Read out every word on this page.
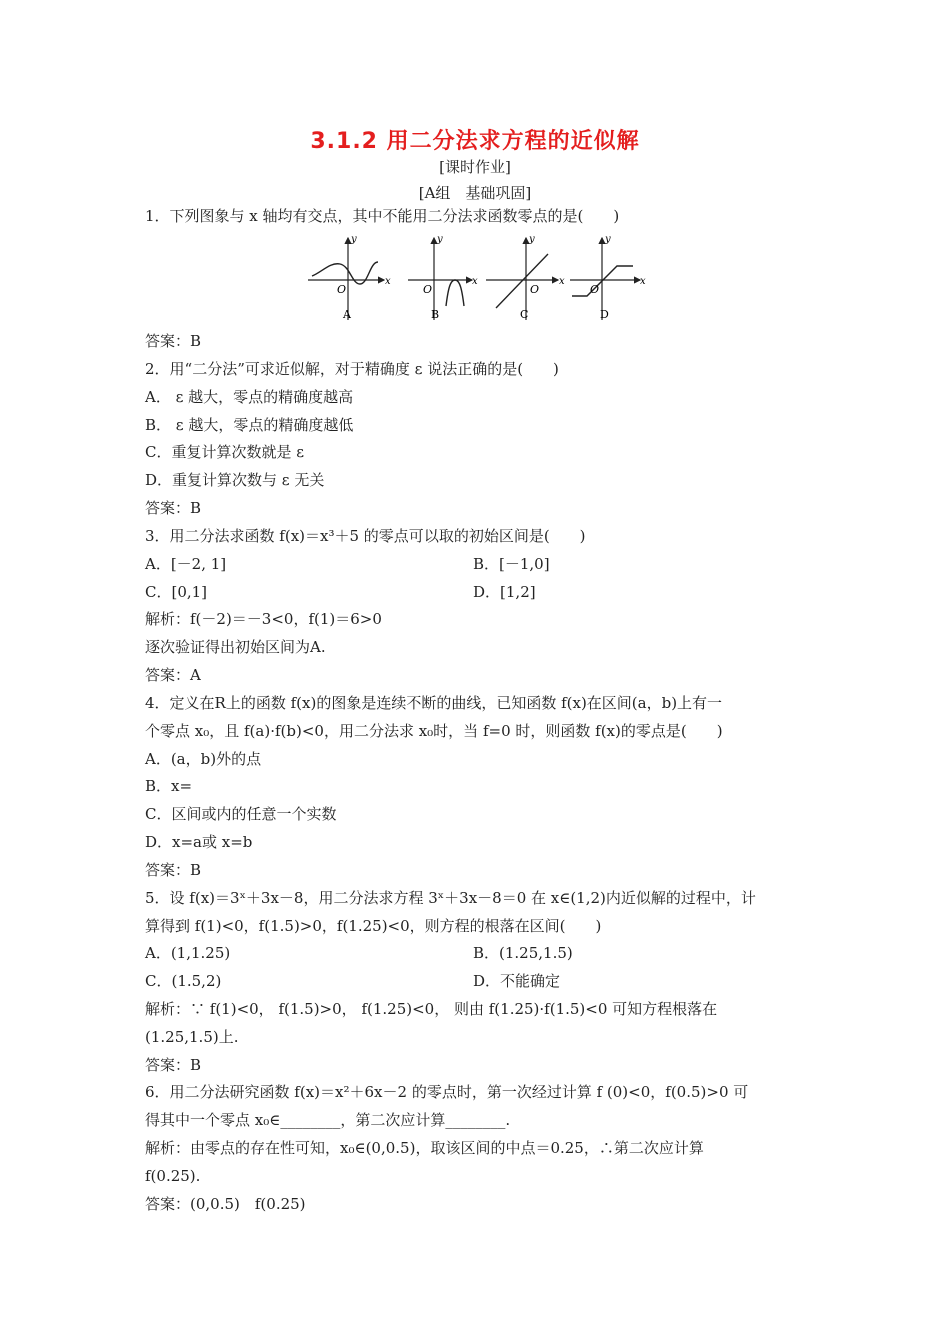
3.1.2 用二分法求方程的近似解
[课时作业]
[A组　基础巩固]
1．下列图象与 x 轴均有交点，其中不能用二分法求函数零点的是(　　)
y
x
O
A
y
x
O
B
y
x
O
C
y
x
O
D
答案：B
2．用“二分法”可求近似解，对于精确度 ε 说法正确的是(　　)
A． ε 越大，零点的精确度越高
B． ε 越大，零点的精确度越低
C．重复计算次数就是 ε
D．重复计算次数与 ε 无关
答案：B
3．用二分法求函数 f(x)＝x³＋5 的零点可以取的初始区间是(　　)
A．[－2, 1]	B．[－1,0]
C．[0,1]	D．[1,2]
解析：f(－2)＝－3<0，f(1)＝6>0
逐次验证得出初始区间为A.
答案：A
4．定义在R上的函数 f(x)的图象是连续不断的曲线，已知函数 f(x)在区间(a，b)上有一
个零点 x₀，且 f(a)·f(b)<0，用二分法求 x₀时，当 f=0 时，则函数 f(x)的零点是(　　)
A．(a，b)外的点
B．x=
C．区间或内的任意一个实数
D．x=a或 x=b
答案：B
5．设 f(x)＝3ˣ＋3x－8，用二分法求方程 3ˣ＋3x－8＝0 在 x∈(1,2)内近似解的过程中，计
算得到 f(1)<0，f(1.5)>0，f(1.25)<0，则方程的根落在区间(　　)
A．(1,1.25)	B．(1.25,1.5)
C．(1.5,2)	D．不能确定
解析：∵ f(1)<0， f(1.5)>0， f(1.25)<0， 则由 f(1.25)·f(1.5)<0 可知方程根落在
(1.25,1.5)上.
答案：B
6．用二分法研究函数 f(x)＝x²＋6x－2 的零点时，第一次经过计算 f (0)<0，f(0.5)>0 可
得其中一个零点 x₀∈________，第二次应计算________.
解析：由零点的存在性可知，x₀∈(0,0.5)，取该区间的中点＝0.25，∴第二次应计算
f(0.25).
答案：(0,0.5)　f(0.25)
